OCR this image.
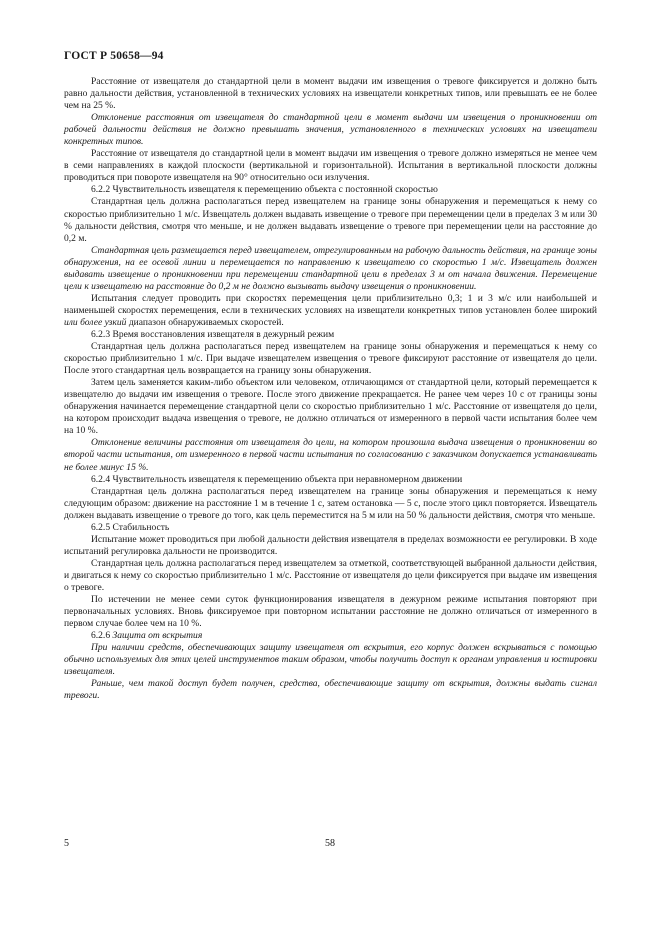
ГОСТ Р 50658—94

Расстояние от извещателя до стандартной цели в момент выдачи им извещения о тревоге фиксируется и должно быть равно дальности действия, установленной в технических условиях на извещатели конкретных типов, или превышать ее не более чем на 25 %.

Отклонение расстояния от извещателя до стандартной цели в момент выдачи им извещения о проникновении от рабочей дальности действия не должно превышать значения, установленного в технических условиях на извещатели конкретных типов.

Расстояние от извещателя до стандартной цели в момент выдачи им извещения о тревоге должно измеряться не менее чем в семи направлениях в каждой плоскости (вертикальной и горизонтальной). Испытания в вертикальной плоскости должны проводиться при повороте извещателя на 90° относительно оси излучения.

6.2.2 Чувствительность извещателя к перемещению объекта с постоянной скоростью

Стандартная цель должна располагаться перед извещателем на границе зоны обнаружения и перемещаться к нему со скоростью приблизительно 1 м/с. Извещатель должен выдавать извещение о тревоге при перемещении цели в пределах 3 м или 30 % дальности действия, смотря что меньше, и не должен выдавать извещение о тревоге при перемещении цели на расстояние до 0,2 м.

Стандартная цель размещается перед извещателем, отрегулированным на рабочую дальность действия, на границе зоны обнаружения, на ее осевой линии и перемещается по направлению к извещателю со скоростью 1 м/с. Извещатель должен выдавать извещение о проникновении при перемещении стандартной цели в пределах 3 м от начала движения. Перемещение цели к извещателю на расстояние до 0,2 м не должно вызывать выдачу извещения о проникновении.

Испытания следует проводить при скоростях перемещения цели приблизительно 0,3; 1 и 3 м/с или наибольшей и наименьшей скоростях перемещения, если в технических условиях на извещатели конкретных типов установлен более широкий или более узкий диапазон обнаруживаемых скоростей.

6.2.3 Время восстановления извещателя в дежурный режим

Стандартная цель должна располагаться перед извещателем на границе зоны обнаружения и перемещаться к нему со скоростью приблизительно 1 м/с. При выдаче извещателем извещения о тревоге фиксируют расстояние от извещателя до цели. После этого стандартная цель возвращается на границу зоны обнаружения.

Затем цель заменяется каким-либо объектом или человеком, отличающимся от стандартной цели, который перемещается к извещателю до выдачи им извещения о тревоге. После этого движение прекращается. Не ранее чем через 10 с от границы зоны обнаружения начинается перемещение стандартной цели со скоростью приблизительно 1 м/с. Расстояние от извещателя до цели, на котором происходит выдача извещения о тревоге, не должно отличаться от измеренного в первой части испытания более чем на 10 %.

Отклонение величины расстояния от извещателя до цели, на котором произошла выдача извещения о проникновении во второй части испытания, от измеренного в первой части испытания по согласованию с заказчиком допускается устанавливать не более минус 15 %.

6.2.4 Чувствительность извещателя к перемещению объекта при неравномерном движении

Стандартная цель должна располагаться перед извещателем на границе зоны обнаружения и перемещаться к нему следующим образом: движение на расстояние 1 м в течение 1 с, затем остановка — 5 с, после этого цикл повторяется. Извещатель должен выдавать извещение о тревоге до того, как цель переместится на 5 м или на 50 % дальности действия, смотря что меньше.

6.2.5 Стабильность

Испытание может проводиться при любой дальности действия извещателя в пределах возможности ее регулировки. В ходе испытаний регулировка дальности не производится.

Стандартная цель должна располагаться перед извещателем за отметкой, соответствующей выбранной дальности действия, и двигаться к нему со скоростью приблизительно 1 м/с. Расстояние от извещателя до цели фиксируется при выдаче им извещения о тревоге.

По истечении не менее семи суток функционирования извещателя в дежурном режиме испытания повторяют при первоначальных условиях. Вновь фиксируемое при повторном испытании расстояние не должно отличаться от измеренного в первом случае более чем на 10 %.

6.2.6 Защита от вскрытия

При наличии средств, обеспечивающих защиту извещателя от вскрытия, его корпус должен вскрываться с помощью обычно используемых для этих целей инструментов таким образом, чтобы получить доступ к органам управления и юстировки извещателя.

Раньше, чем такой доступ будет получен, средства, обеспечивающие защиту от вскрытия, должны выдать сигнал тревоги.

5	58
